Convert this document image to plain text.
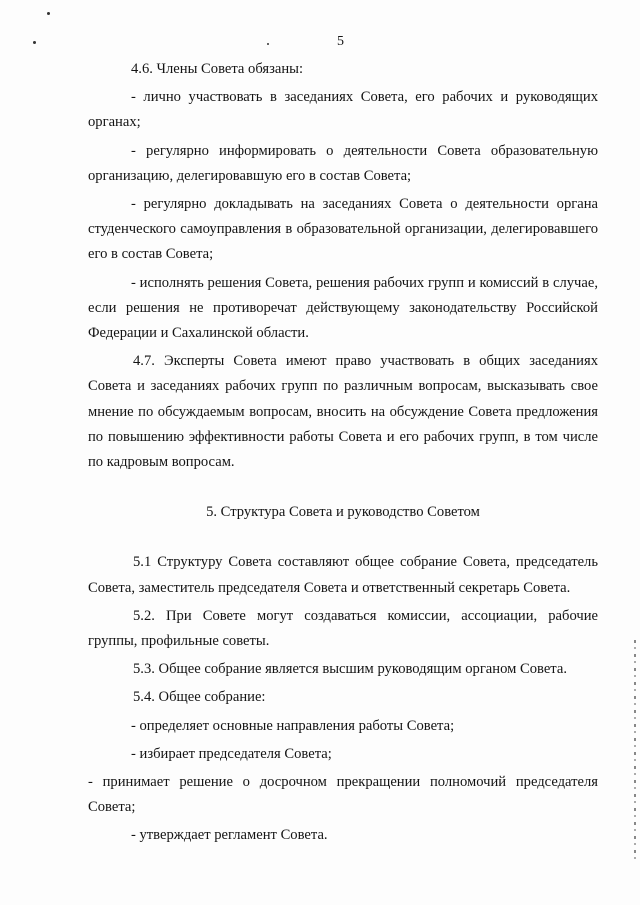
5

4.6. Члены Совета обязаны:

- лично участвовать в заседаниях Совета, его рабочих и руководящих органах;

- регулярно информировать о деятельности Совета образовательную организацию, делегировавшую его в состав Совета;

- регулярно докладывать на заседаниях Совета о деятельности органа студенческого самоуправления в образовательной организации, делегировавшего его в состав Совета;

- исполнять решения Совета, решения рабочих групп и комиссий в случае, если решения не противоречат действующему законодательству Российской Федерации и Сахалинской области.

4.7. Эксперты Совета имеют право участвовать в общих заседаниях Совета и заседаниях рабочих групп по различным вопросам, высказывать свое мнение по обсуждаемым вопросам, вносить на обсуждение Совета предложения по повышению эффективности работы Совета и его рабочих групп, в том числе по кадровым вопросам.

5. Структура Совета и руководство Советом

5.1 Структуру Совета составляют общее собрание Совета, председатель Совета, заместитель председателя Совета и ответственный секретарь Совета.

5.2. При Совете могут создаваться комиссии, ассоциации, рабочие группы, профильные советы.

5.3. Общее собрание является высшим руководящим органом Совета.

5.4. Общее собрание:

- определяет основные направления работы Совета;

- избирает председателя Совета;

- принимает решение о досрочном прекращении полномочий председателя Совета;

- утверждает регламент Совета.
